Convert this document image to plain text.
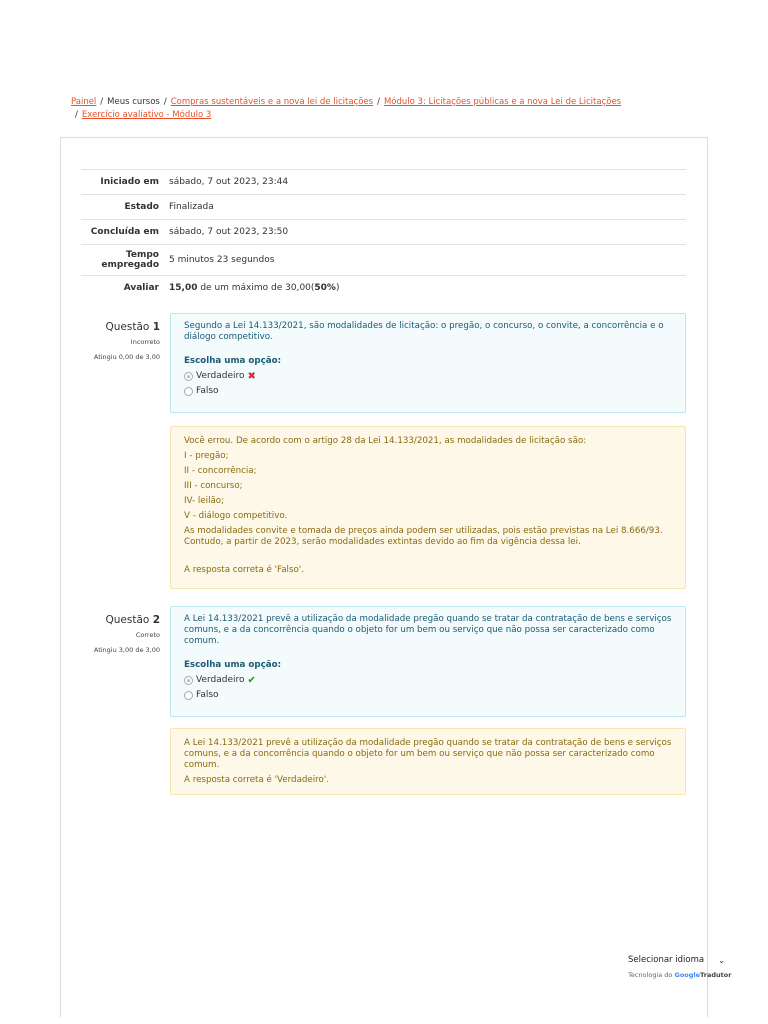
Painel / Meus cursos / Compras sustentáveis e a nova lei de licitações / Módulo 3: Licitações públicas e a nova Lei de Licitações
/ Exercício avaliativo - Módulo 3
Iniciado em	sábado, 7 out 2023, 23:44
Estado	Finalizada
Concluída em	sábado, 7 out 2023, 23:50
Tempo
empregado	5 minutos 23 segundos
Avaliar	15,00 de um máximo de 30,00(50%)
Questão 1
Incorreto
Atingiu 0,00 de 3,00
Segundo a Lei 14.133/2021, são modalidades de licitação: o pregão, o concurso, o convite, a concorrência e o diálogo competitivo.
Escolha uma opção:
Verdadeiro ✖
Falso

Você errou. De acordo com o artigo 28 da Lei 14.133/2021, as modalidades de licitação são:

I - pregão;

II - concorrência;

III - concurso;

IV- leilão;

V - diálogo competitivo.

As modalidades convite e tomada de preços ainda podem ser utilizadas, pois estão previstas na Lei 8.666/93. Contudo, a partir de 2023, serão modalidades extintas devido ao fim da vigência dessa lei.

A resposta correta é 'Falso'.

Questão 2
Correto
Atingiu 3,00 de 3,00
A Lei 14.133/2021 prevê a utilização da modalidade pregão quando se tratar da contratação de bens e serviços comuns, e a da concorrência quando o objeto for um bem ou serviço que não possa ser caracterizado como comum.
Escolha uma opção:
Verdadeiro ✔
Falso

A Lei 14.133/2021 prevê a utilização da modalidade pregão quando se tratar da contratação de bens e serviços comuns, e a da concorrência quando o objeto for um bem ou serviço que não possa ser caracterizado como comum.

A resposta correta é 'Verdadeiro'.

Selecionar idioma ⌄
Tecnologia do GoogleTradutor
